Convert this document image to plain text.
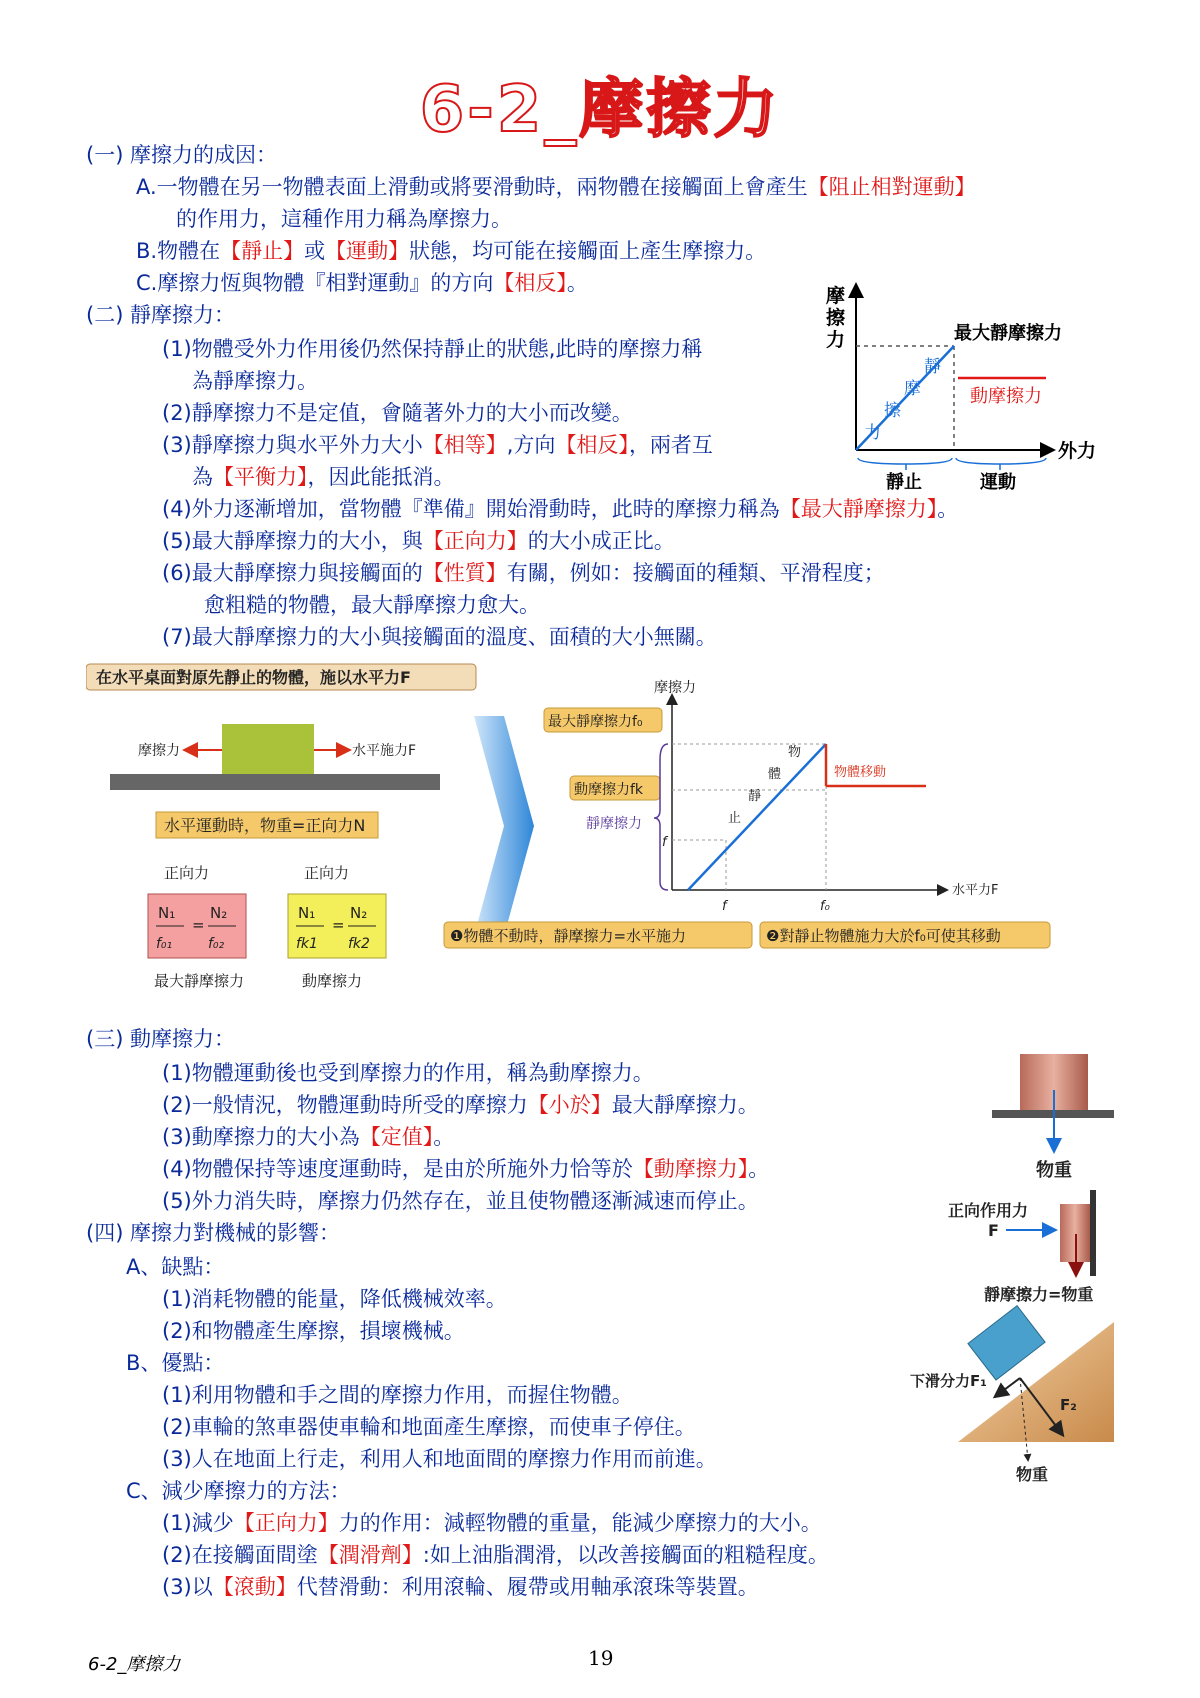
6-2_摩擦力
(一) 摩擦力的成因：
A.一物體在另一物體表面上滑動或將要滑動時，兩物體在接觸面上會產生【阻止相對運動】
的作用力，這種作用力稱為摩擦力。
B.物體在【靜止】或【運動】狀態，均可能在接觸面上產生摩擦力。
C.摩擦力恆與物體『相對運動』的方向【相反】。
(二) 靜摩擦力：
(1)物體受外力作用後仍然保持靜止的狀態,此時的摩擦力稱
為靜摩擦力。
(2)靜摩擦力不是定值，會隨著外力的大小而改變。
(3)靜摩擦力與水平外力大小【相等】,方向【相反】，兩者互
為【平衡力】，因此能抵消。
(4)外力逐漸增加，當物體『準備』開始滑動時，此時的摩擦力稱為【最大靜摩擦力】。
(5)最大靜摩擦力的大小，與【正向力】的大小成正比。
(6)最大靜摩擦力與接觸面的【性質】有關，例如：接觸面的種類、平滑程度；
愈粗糙的物體，最大靜摩擦力愈大。
(7)最大靜摩擦力的大小與接觸面的溫度、面積的大小無關。
摩
擦
力
外力
最大靜摩擦力
動摩擦力
靜
摩
擦
力
靜止	運動
在水平桌面對原先靜止的物體，施以水平力F
摩擦力	水平施力F
水平運動時，物重=正向力N
正向力	正向力
N₁
=
N₂
f₀₁	f₀₂
N₁
=
N₂
fk1 fk2
最大靜摩擦力	動摩擦力
摩擦力
水平力F
物體移動
物
體
靜
止
最大靜摩擦力f₀
動摩擦力fk
靜摩擦力
f
f	f₀
❶物體不動時，靜摩擦力=水平施力	❷對靜止物體施力大於f₀可使其移動
(三) 動摩擦力：
(1)物體運動後也受到摩擦力的作用，稱為動摩擦力。
(2)一般情況，物體運動時所受的摩擦力【小於】最大靜摩擦力。
(3)動摩擦力的大小為【定值】。
(4)物體保持等速度運動時，是由於所施外力恰等於【動摩擦力】。
(5)外力消失時，摩擦力仍然存在，並且使物體逐漸減速而停止。
(四) 摩擦力對機械的影響：
A、缺點：
(1)消耗物體的能量，降低機械效率。
(2)和物體產生摩擦，損壞機械。
B、優點：
(1)利用物體和手之間的摩擦力作用，而握住物體。
(2)車輪的煞車器使車輪和地面產生摩擦，而使車子停住。
(3)人在地面上行走，利用人和地面間的摩擦力作用而前進。
C、減少摩擦力的方法：
(1)減少【正向力】力的作用：減輕物體的重量，能減少摩擦力的大小。
(2)在接觸面間塗【潤滑劑】:如上油脂潤滑，以改善接觸面的粗糙程度。
(3)以【滾動】代替滑動：利用滾輪、履帶或用軸承滾珠等裝置。
物重
正向作用力
F
靜摩擦力=物重
下滑分力F₁
F₂
物重
6-2_摩擦力	19
